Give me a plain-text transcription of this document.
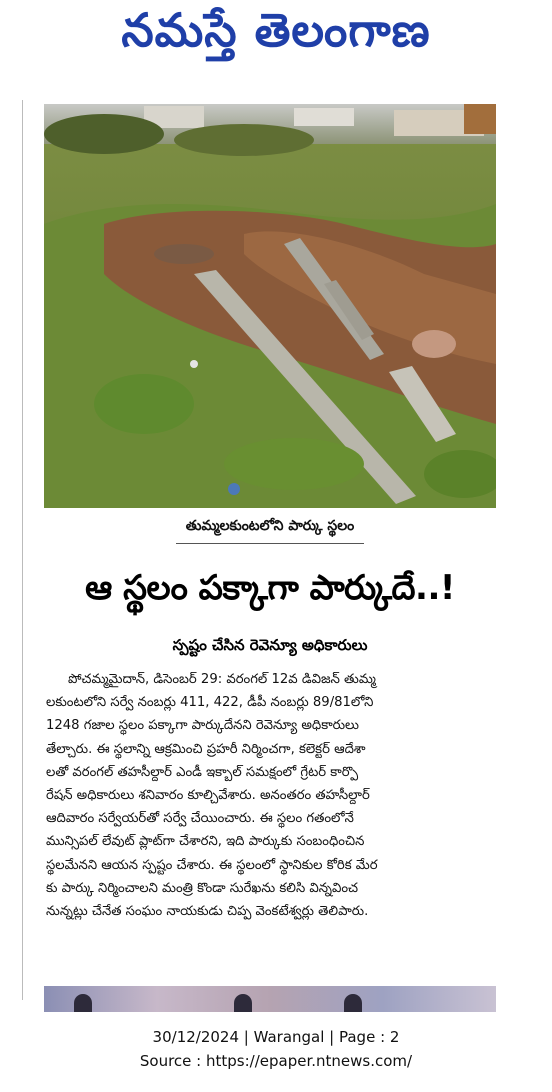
నమస్తే తెలంగాణ
తుమ్మలకుంటలోని పార్కు స్థలం
ఆ స్థలం పక్కాగా పార్కుదే..!
స్పష్టం చేసిన రెవెన్యూ అధికారులు
పోచమ్మమైదాన్, డిసెంబర్ 29: వరంగల్ 12వ డివిజన్ తుమ్మ
లకుంటలోని సర్వే నంబర్లు 411, 422, డీపీ నంబర్లు 89/81లోని
1248 గజాల స్థలం పక్కాగా పార్కుదేనని రెవెన్యూ అధికారులు
తేల్చారు. ఈ స్థలాన్ని ఆక్రమించి ప్రహరీ నిర్మించగా, కలెక్టర్ ఆదేశా
లతో వరంగల్ తహసీల్దార్ ఎండీ ఇక్బాల్ సమక్షంలో గ్రేటర్ కార్పొ
రేషన్ అధికారులు శనివారం కూల్చివేశారు. అనంతరం తహసీల్దార్
ఆదివారం సర్వేయర్‌తో సర్వే చేయించారు. ఈ స్థలం గతంలోనే
మున్సిపల్ లేవుట్ ప్లాట్‌గా చేశారని, ఇది పార్కుకు సంబంధించిన
స్థలమేనని ఆయన స్పష్టం చేశారు. ఈ స్థలంలో స్థానికుల కోరిక మేర
కు పార్కు నిర్మించాలని మంత్రి కొండా సురేఖను కలిసి విన్నవించ
నున్నట్లు చేనేత సంఘం నాయకుడు చిప్ప వెంకటేశ్వర్లు తెలిపారు.
30/12/2024 | Warangal | Page : 2
Source : https://epaper.ntnews.com/
